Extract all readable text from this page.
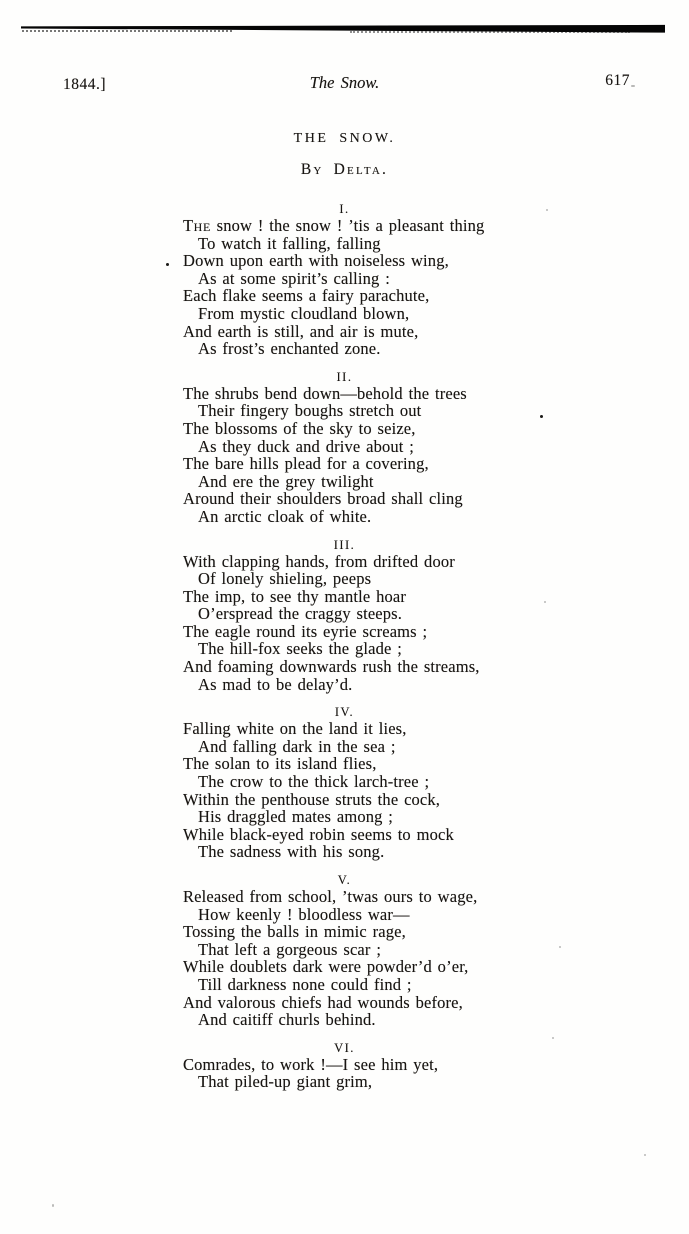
1844.]	The Snow.	617
THE SNOW.
By Delta.
I.
The snow ! the snow ! ’tis a pleasant thing
To watch it falling, falling
Down upon earth with noiseless wing,
As at some spirit’s calling :
Each flake seems a fairy parachute,
From mystic cloudland blown,
And earth is still, and air is mute,
As frost’s enchanted zone.
II.
The shrubs bend down—behold the trees
Their fingery boughs stretch out
The blossoms of the sky to seize,
As they duck and drive about ;
The bare hills plead for a covering,
And ere the grey twilight
Around their shoulders broad shall cling
An arctic cloak of white.
III.
With clapping hands, from drifted door
Of lonely shieling, peeps
The imp, to see thy mantle hoar
O’erspread the craggy steeps.
The eagle round its eyrie screams ;
The hill-fox seeks the glade ;
And foaming downwards rush the streams,
As mad to be delay’d.
IV.
Falling white on the land it lies,
And falling dark in the sea ;
The solan to its island flies,
The crow to the thick larch-tree ;
Within the penthouse struts the cock,
His draggled mates among ;
While black-eyed robin seems to mock
The sadness with his song.
V.
Released from school, ’twas ours to wage,
How keenly ! bloodless war—
Tossing the balls in mimic rage,
That left a gorgeous scar ;
While doublets dark were powder’d o’er,
Till darkness none could find ;
And valorous chiefs had wounds before,
And caitiff churls behind.
VI.
Comrades, to work !—I see him yet,
That piled-up giant grim,
